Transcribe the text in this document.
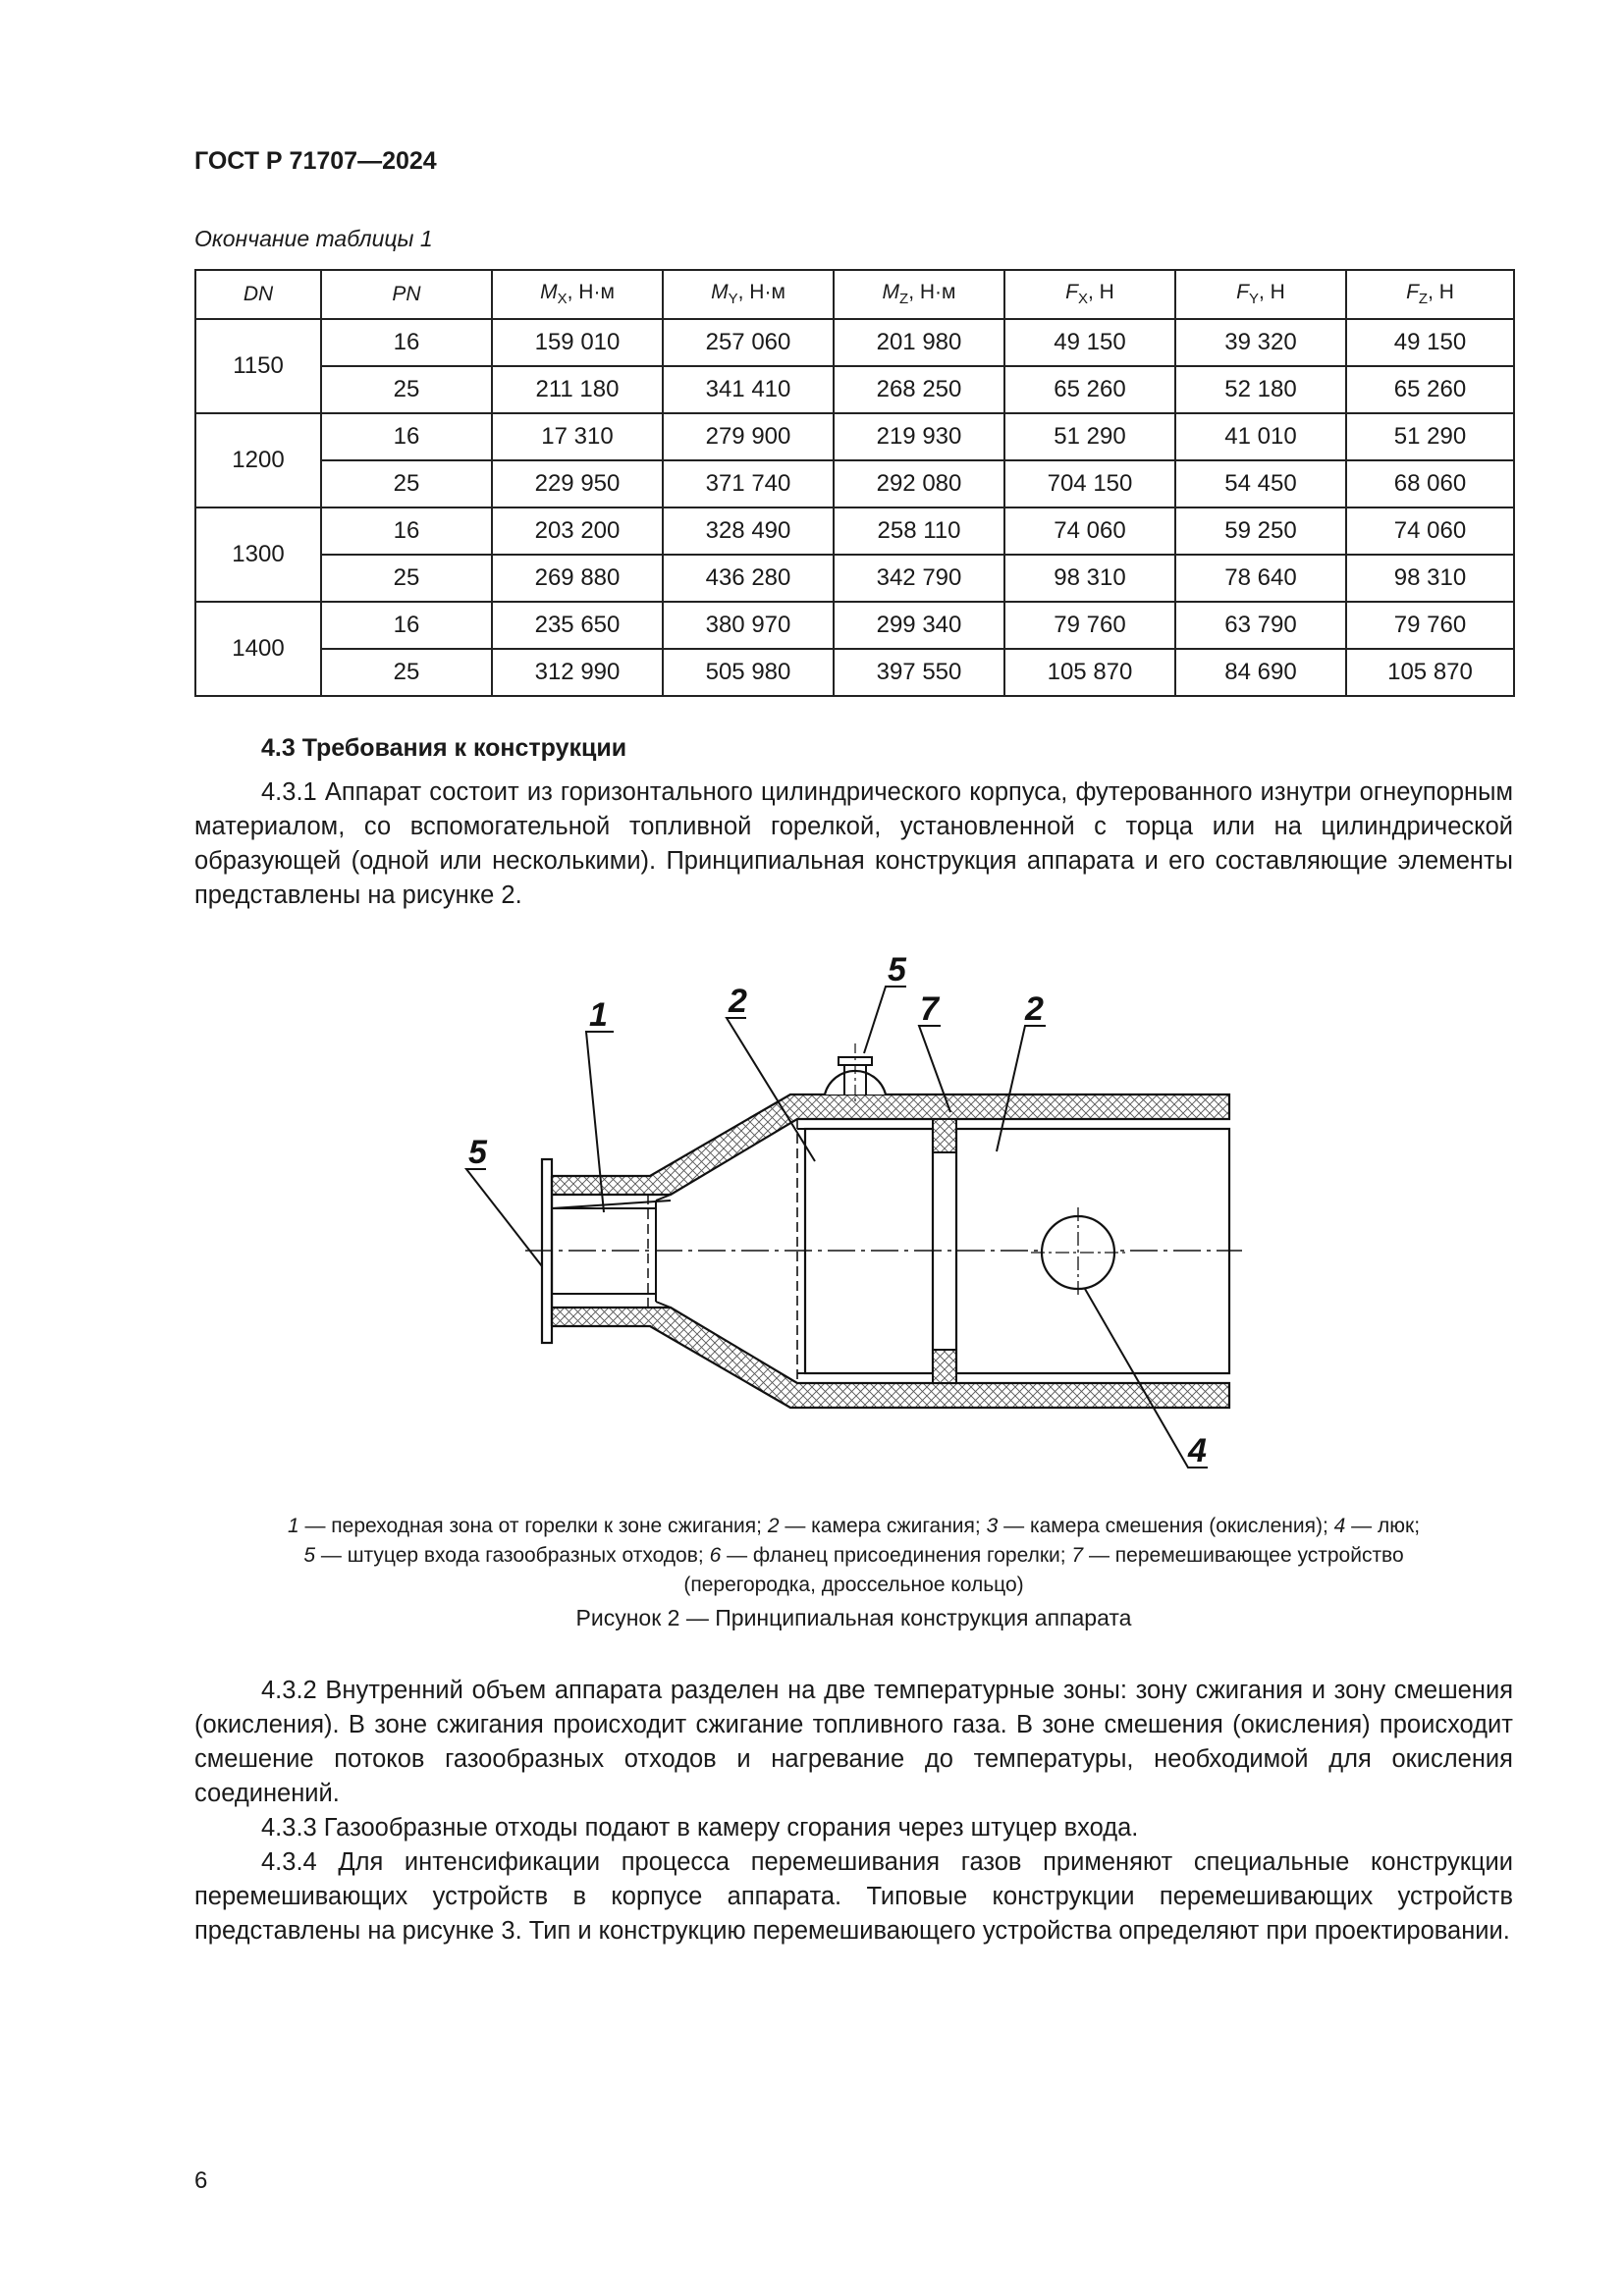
ГОСТ Р 71707—2024
Окончание таблицы 1
DN	PN	$M_X$, Н·м	$M_Y$, Н·м	$M_Z$, Н·м	$F_X$, Н	$F_Y$, Н	$F_Z$, Н
1150	16	159 010	257 060	201 980	49 150	39 320	49 150
	25	211 180	341 410	268 250	65 260	52 180	65 260
1200	16	17 310	279 900	219 930	51 290	41 010	51 290
	25	229 950	371 740	292 080	704 150	54 450	68 060
1300	16	203 200	328 490	258 110	74 060	59 250	74 060
	25	269 880	436 280	342 790	98 310	78 640	98 310
1400	16	235 650	380 970	299 340	79 760	63 790	79 760
	25	312 990	505 980	397 550	105 870	84 690	105 870
4.3 Требования к конструкции

4.3.1 Аппарат состоит из горизонтального цилиндрического корпуса, футерованного изнутри огнеупорным материалом, со вспомогательной топливной горелкой, установленной с торца или на цилиндрической образующей (одной или несколькими). Принципиальная конструкция аппарата и его составляющие элементы представлены на рисунке 2.

1	2	7	2
5
5
4
1 — переходная зона от горелки к зоне сжигания; 2 — камера сжигания; 3 — камера смешения (окисления); 4 — люк;
5 — штуцер входа газообразных отходов; 6 — фланец присоединения горелки; 7 — перемешивающее устройство
(перегородка, дроссельное кольцо)
Рисунок 2 — Принципиальная конструкция аппарата

4.3.2 Внутренний объем аппарата разделен на две температурные зоны: зону сжигания и зону смешения (окисления). В зоне сжигания происходит сжигание топливного газа. В зоне смешения (окисления) происходит смешение потоков газообразных отходов и нагревание до температуры, необходимой для окисления соединений.

4.3.3 Газообразные отходы подают в камеру сгорания через штуцер входа.

4.3.4 Для интенсификации процесса перемешивания газов применяют специальные конструкции перемешивающих устройств в корпусе аппарата. Типовые конструкции перемешивающих устройств представлены на рисунке 3. Тип и конструкцию перемешивающего устройства определяют при проектировании.

6
